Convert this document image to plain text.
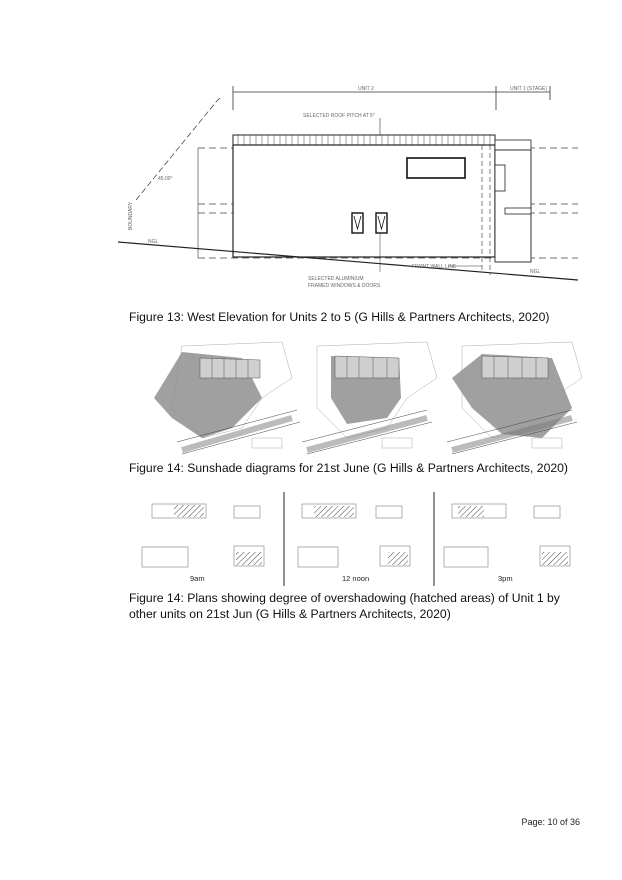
UNIT 2	UNIT 1 (STAGE)
SELECTED ROOF PITCH AT 5°
45.00°
BOUNDARY
NGL
NGL
SELECTED ALUMINIUM
FRAMED WINDOWS & DOORS
FRONT WALL LINE
Figure 13: West Elevation for Units 2 to 5 (G Hills & Partners Architects, 2020)
Figure 14: Sunshade diagrams for 21st June (G Hills & Partners Architects, 2020)
9am	12 noon	3pm
Figure 14: Plans showing degree of overshadowing (hatched areas) of Unit 1 by
other units on 21st Jun (G Hills & Partners Architects, 2020)
Page: 10 of 36
